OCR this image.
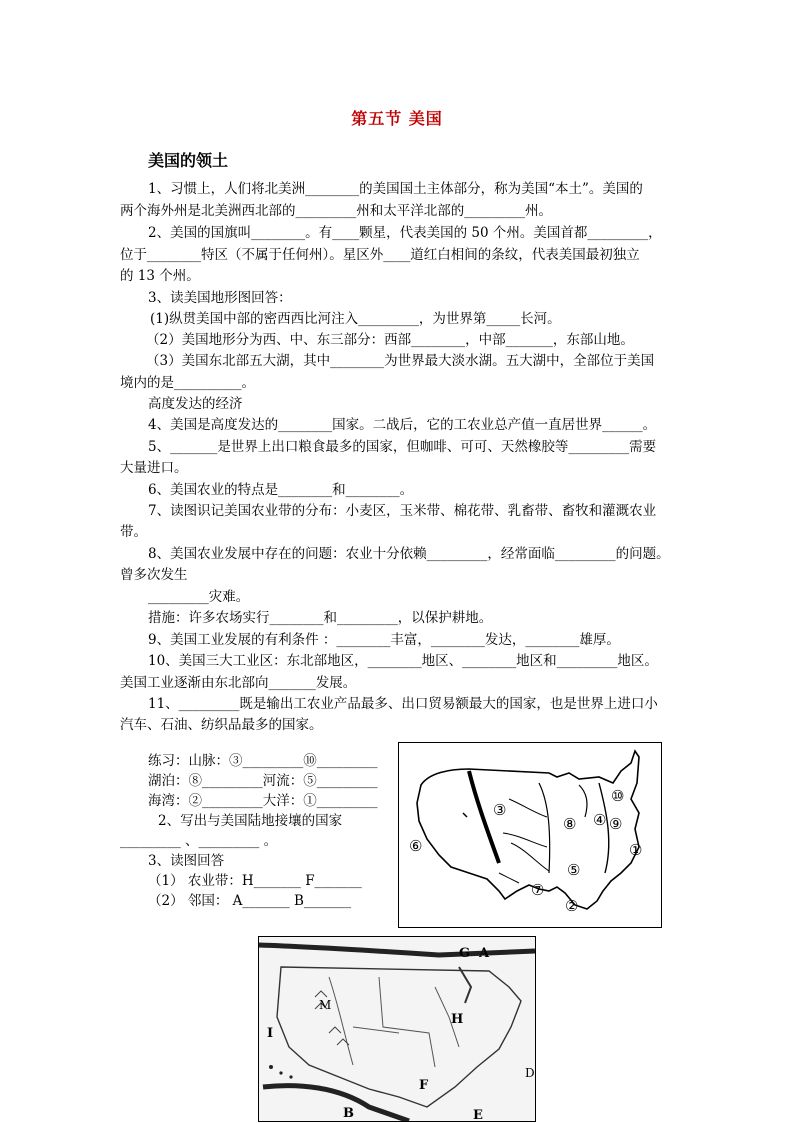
第五节 美国
美国的领土
1、习惯上，人们将北美洲________的美国国土主体部分，称为美国“本土”。美国的
两个海外州是北美洲西北部的_________州和太平洋北部的_________州。
2、美国的国旗叫________。有____颗星，代表美国的 50 个州。美国首都_________，
位于________特区（不属于任何州）。星区外____道红白相间的条纹，代表美国最初独立
的 13 个州。
3、读美国地形图回答：
(1)纵贯美国中部的密西西比河注入_________，为世界第_____长河。
（2）美国地形分为西、中、东三部分：西部________，中部_______，东部山地。
（3）美国东北部五大湖，其中________为世界最大淡水湖。五大湖中，全部位于美国
境内的是__________。
高度发达的经济
4、美国是高度发达的________国家。二战后，它的工农业总产值一直居世界______。
5、_______是世界上出口粮食最多的国家，但咖啡、可可、天然橡胶等_________需要
大量进口。
6、美国农业的特点是________和________。
7、读图识记美国农业带的分布：小麦区，玉米带、棉花带、乳畜带、畜牧和灌溉农业
带。
8、美国农业发展中存在的问题：农业十分依赖_________，经常面临_________的问题。
曾多次发生
_________灾难。
措施：许多农场实行________和_________，以保护耕地。
9、美国工业发展的有利条件 ：________丰富，________发达，________雄厚。
10、美国三大工业区：东北部地区，________地区、________地区和_________地区。
美国工业逐渐由东北部向_______发展。
11、_________既是输出工农业产品最多、出口贸易额最大的国家，也是世界上进口小
汽车、石油、纺织品最多的国家。
练习：山脉：③_________⑩_________
湖泊：⑧_________河流：⑤_________
海湾：②_________大洋：①_________
2、写出与美国陆地接壤的国家
_________ 、_________ 。
3、读图回答
（1） 农业带：H_______ F_______
（2） 邻国： A_______ B_______
③
⑧ ④
⑩
⑨
⑥
⑤
①
⑦
②
G A
M
H
I
F
D
B	E
